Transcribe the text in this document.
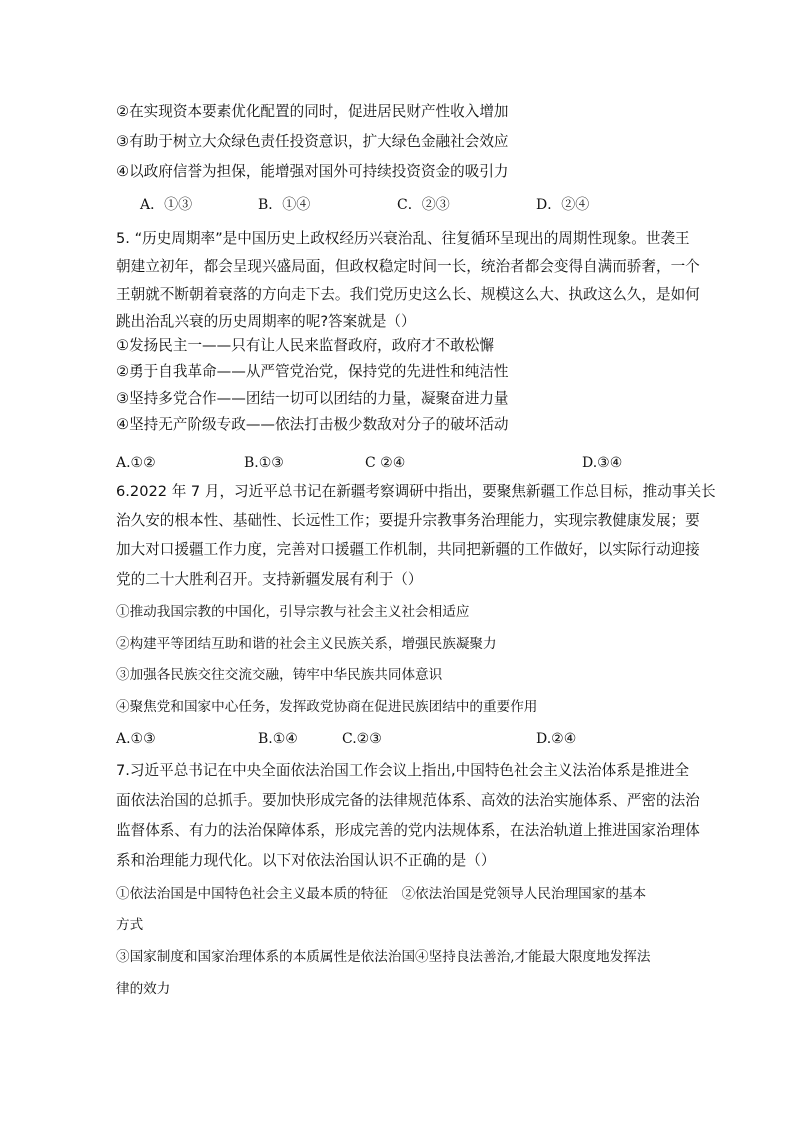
②在实现资本要素优化配置的同时，促进居民财产性收入增加
③有助于树立大众绿色责任投资意识，扩大绿色金融社会效应
④以政府信誉为担保，能增强对国外可持续投资资金的吸引力
A．①③	B．①④	C．②③	D．②④
5. “历史周期率”是中国历史上政权经历兴衰治乱、往复循环呈现出的周期性现象。世袭王
朝建立初年，都会呈现兴盛局面，但政权稳定时间一长，统治者都会变得自满而骄奢，一个
王朝就不断朝着衰落的方向走下去。我们党历史这么长、规模这么大、执政这么久，是如何
跳出治乱兴衰的历史周期率的呢?答案就是（）
①发扬民主一——只有让人民来监督政府，政府才不敢松懈
②勇于自我革命——从严管党治党，保持党的先进性和纯洁性
③坚持多党合作——团结一切可以团结的力量，凝聚奋进力量
④坚持无产阶级专政——依法打击极少数敌对分子的破坏活动
A.①②	B.①③	C ②④	D.③④
6.2022 年 7 月，习近平总书记在新疆考察调研中指出，要聚焦新疆工作总目标，推动事关长
治久安的根本性、基础性、长远性工作；要提升宗教事务治理能力，实现宗教健康发展；要
加大对口援疆工作力度，完善对口援疆工作机制，共同把新疆的工作做好，以实际行动迎接
党的二十大胜利召开。支持新疆发展有利于（）
①推动我国宗教的中国化，引导宗教与社会主义社会相适应
②构建平等团结互助和谐的社会主义民族关系，增强民族凝聚力
③加强各民族交往交流交融，铸牢中华民族共同体意识
④聚焦党和国家中心任务，发挥政党协商在促进民族团结中的重要作用
A.①③	B.①④	C.②③	D.②④
7.习近平总书记在中央全面依法治国工作会议上指出,中国特色社会主义法治体系是推进全
面依法治国的总抓手。要加快形成完备的法律规范体系、高效的法治实施体系、严密的法治
监督体系、有力的法治保障体系，形成完善的党内法规体系，在法治轨道上推进国家治理体
系和治理能力现代化。以下对依法治国认识不正确的是（）
①依法治国是中国特色社会主义最本质的特征　②依法治国是党领导人民治理国家的基本
方式
③国家制度和国家治理体系的本质属性是依法治国④坚持良法善治,才能最大限度地发挥法
律的效力
